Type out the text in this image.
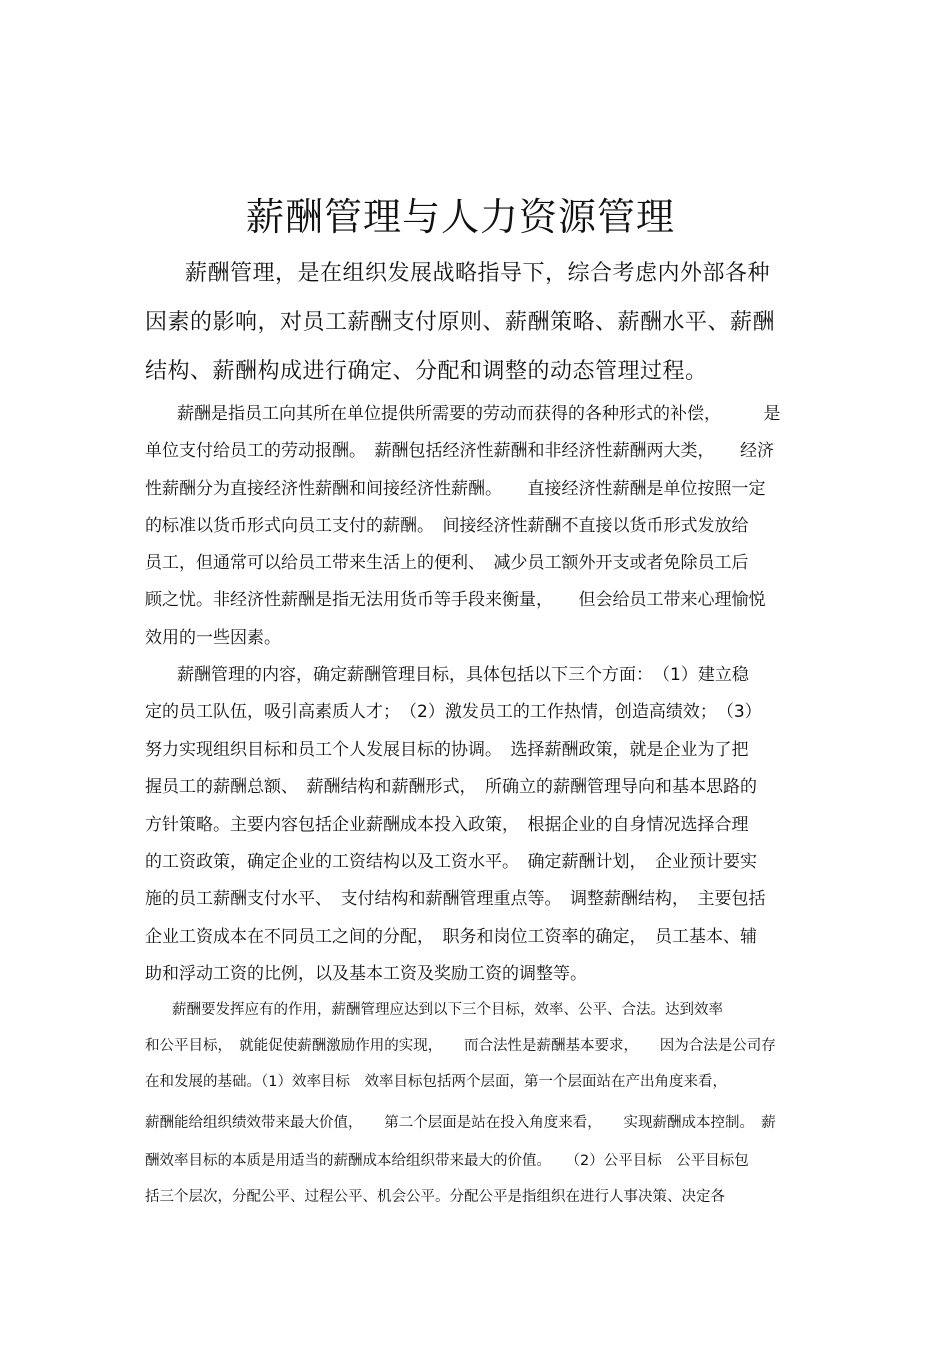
薪酬管理与人力资源管理
薪酬管理，是在组织发展战略指导下，综合考虑内外部各种
因素的影响，对员工薪酬支付原则、薪酬策略、薪酬水平、薪酬
结构、薪酬构成进行确定、分配和调整的动态管理过程。
薪酬是指员工向其所在单位提供所需要的劳动而获得的各种形式的补偿，　　　是
单位支付给员工的劳动报酬。　薪酬包括经济性薪酬和非经济性薪酬两大类，　　经济
性薪酬分为直接经济性薪酬和间接经济性薪酬。　　直接经济性薪酬是单位按照一定
的标准以货币形式向员工支付的薪酬。　间接经济性薪酬不直接以货币形式发放给
员工，但通常可以给员工带来生活上的便利、　减少员工额外开支或者免除员工后
顾之忧。非经济性薪酬是指无法用货币等手段来衡量，　　但会给员工带来心理愉悦
效用的一些因素。
薪酬管理的内容，确定薪酬管理目标，具体包括以下三个方面：　（1）建立稳
定的员工队伍，吸引高素质人才；　（2）激发员工的工作热情，创造高绩效；　（3）
努力实现组织目标和员工个人发展目标的协调。　选择薪酬政策，就是企业为了把
握员工的薪酬总额、　薪酬结构和薪酬形式，　所确立的薪酬管理导向和基本思路的
方针策略。主要内容包括企业薪酬成本投入政策，　根据企业的自身情况选择合理
的工资政策，确定企业的工资结构以及工资水平。　确定薪酬计划，　企业预计要实
施的员工薪酬支付水平、　支付结构和薪酬管理重点等。　调整薪酬结构，　主要包括
企业工资成本在不同员工之间的分配，　职务和岗位工资率的确定，　员工基本、辅
助和浮动工资的比例，以及基本工资及奖励工资的调整等。
薪酬要发挥应有的作用，薪酬管理应达到以下三个目标，效率、公平、合法。达到效率
和公平目标，　就能促使薪酬激励作用的实现，　　而合法性是薪酬基本要求，　　因为合法是公司存
在和发展的基础。（1）效率目标　效率目标包括两个层面，第一个层面站在产出角度来看，
薪酬能给组织绩效带来最大价值，　　第二个层面是站在投入角度来看，　　实现薪酬成本控制。　薪
酬效率目标的本质是用适当的薪酬成本给组织带来最大的价值。　　（2）公平目标　公平目标包
括三个层次，分配公平、过程公平、机会公平。分配公平是指组织在进行人事决策、决定各
